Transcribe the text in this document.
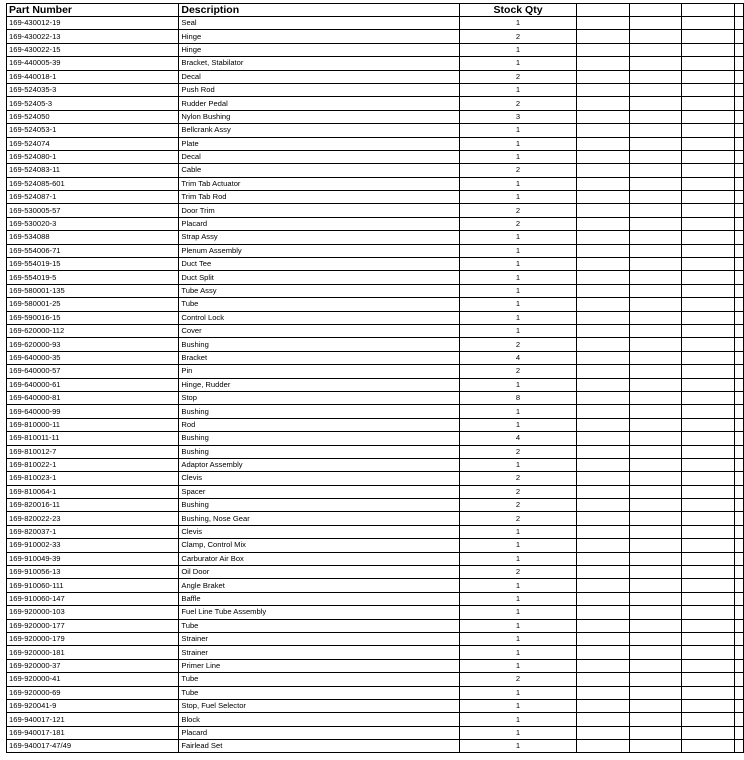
Part Number	Description	Stock Qty				
169-430012-19	Seal	1				
169-430022-13	Hinge	2				
169-430022-15	Hinge	1				
169-440005-39	Bracket, Stabilator	1				
169-440018-1	Decal	2				
169-524035-3	Push Rod	1				
169-52405-3	Rudder Pedal	2				
169-524050	Nylon Bushing	3				
169-524053-1	Bellcrank Assy	1				
169-524074	Plate	1				
169-524080-1	Decal	1				
169-524083-11	Cable	2				
169-524085-601	Trim Tab Actuator	1				
169-524087-1	Trim Tab Rod	1				
169-530005-57	Door Trim	2				
169-530020-3	Placard	2				
169-534088	Strap Assy	1				
169-554006-71	Plenum Assembly	1				
169-554019-15	Duct Tee	1				
169-554019-5	Duct Split	1				
169-580001-135	Tube Assy	1				
169-580001-25	Tube	1				
169-590016-15	Control Lock	1				
169-620000-112	Cover	1				
169-620000-93	Bushing	2				
169-640000-35	Bracket	4				
169-640000-57	Pin	2				
169-640000-61	Hinge, Rudder	1				
169-640000-81	Stop	8				
169-640000-99	Bushing	1				
169-810000-11	Rod	1				
169-810011-11	Bushing	4				
169-810012-7	Bushing	2				
169-810022-1	Adaptor Assembly	1				
169-810023-1	Clevis	2				
169-810064-1	Spacer	2				
169-820016-11	Bushing	2				
169-820022-23	Bushing, Nose Gear	2				
169-820037-1	Clevis	1				
169-910002-33	Clamp, Control Mix	1				
169-910049-39	Carburator Air Box	1				
169-910056-13	Oil Door	2				
169-910060-111	Angle Braket	1				
169-910060-147	Baffle	1				
169-920000-103	Fuel Line Tube Assembly	1				
169-920000-177	Tube	1				
169-920000-179	Strainer	1				
169-920000-181	Strainer	1				
169-920000-37	Primer Line	1				
169-920000-41	Tube	2				
169-920000-69	Tube	1				
169-920041-9	Stop, Fuel Selector	1				
169-940017-121	Block	1				
169-940017-181	Placard	1				
169-940017-47/49	Fairlead Set	1				
